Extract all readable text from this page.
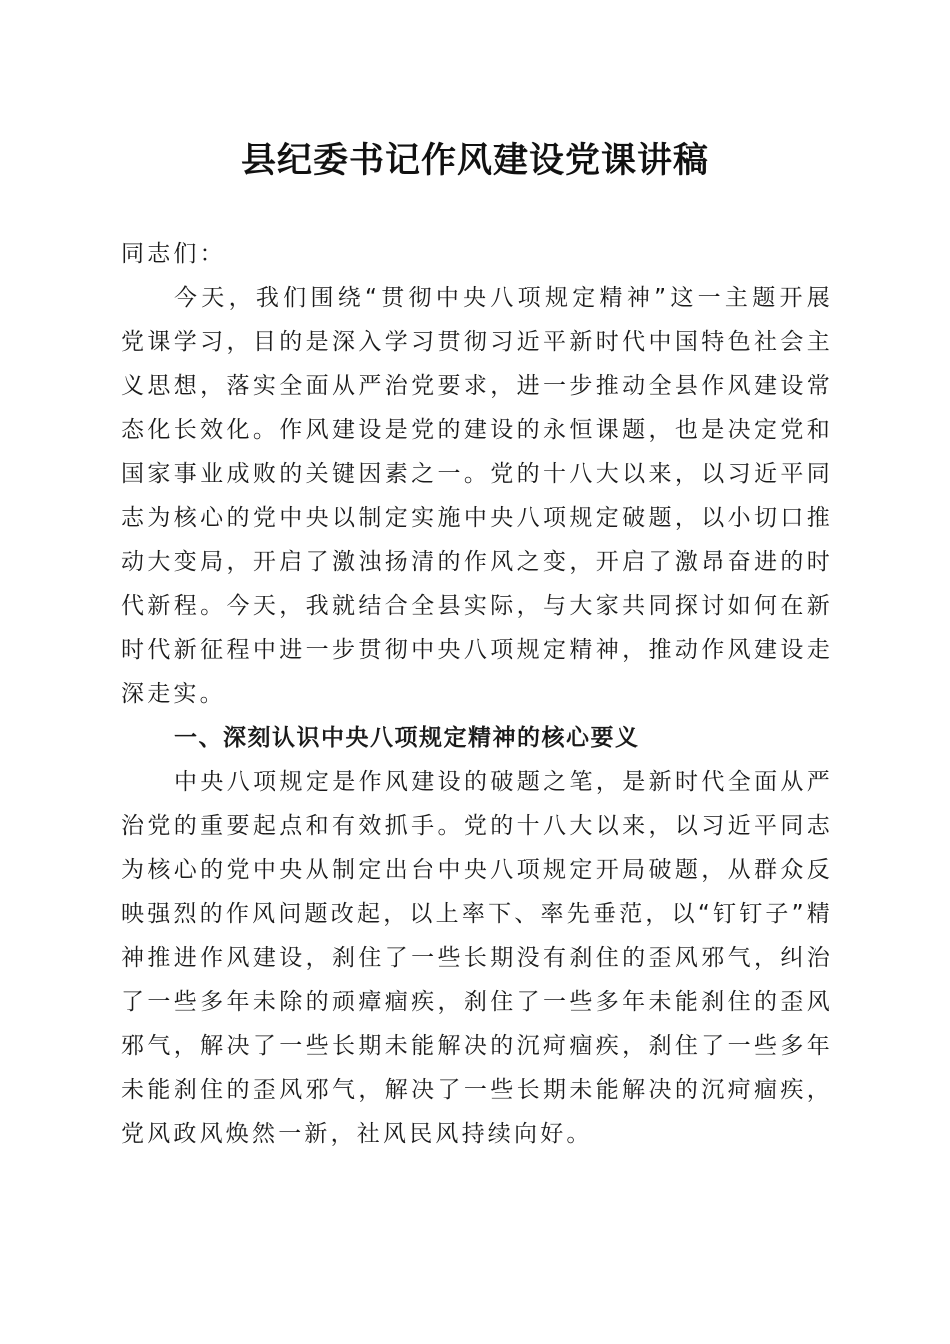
县纪委书记作风建设党课讲稿

同志们：

今天，我们围绕“贯彻中央八项规定精神”这一主题开展党课学习，目的是深入学习贯彻习近平新时代中国特色社会主义思想，落实全面从严治党要求，进一步推动全县作风建设常态化长效化。作风建设是党的建设的永恒课题，也是决定党和国家事业成败的关键因素之一。党的十八大以来，以习近平同志为核心的党中央以制定实施中央八项规定破题，以小切口推动大变局，开启了激浊扬清的作风之变，开启了激昂奋进的时代新程。今天，我就结合全县实际，与大家共同探讨如何在新时代新征程中进一步贯彻中央八项规定精神，推动作风建设走深走实。

一、深刻认识中央八项规定精神的核心要义

中央八项规定是作风建设的破题之笔，是新时代全面从严治党的重要起点和有效抓手。党的十八大以来，以习近平同志为核心的党中央从制定出台中央八项规定开局破题，从群众反映强烈的作风问题改起，以上率下、率先垂范，以“钉钉子”精神推进作风建设，刹住了一些长期没有刹住的歪风邪气，纠治了一些多年未除的顽瘴痼疾，刹住了一些多年未能刹住的歪风邪气，解决了一些长期未能解决的沉疴痼疾，刹住了一些多年未能刹住的歪风邪气，解决了一些长期未能解决的沉疴痼疾，党风政风焕然一新，社风民风持续向好。
